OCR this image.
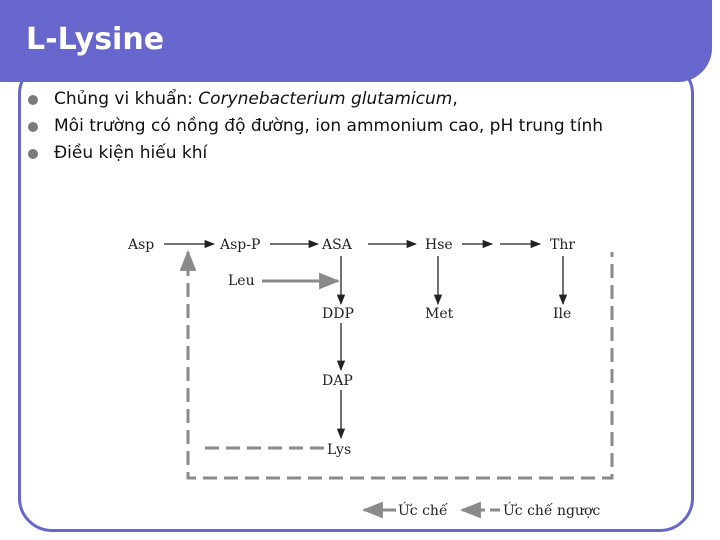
L-Lysine
Chủng vi khuẩn: Corynebacterium glutamicum,
Môi trường có nồng độ đường, ion ammonium cao, pH trung tính
Điều kiện hiếu khí
Asp	Asp-P	ASA	Hse	Thr
Leu
DDP	Met	Ile
DAP
Lys
Ức chế	Ức chế ngược
